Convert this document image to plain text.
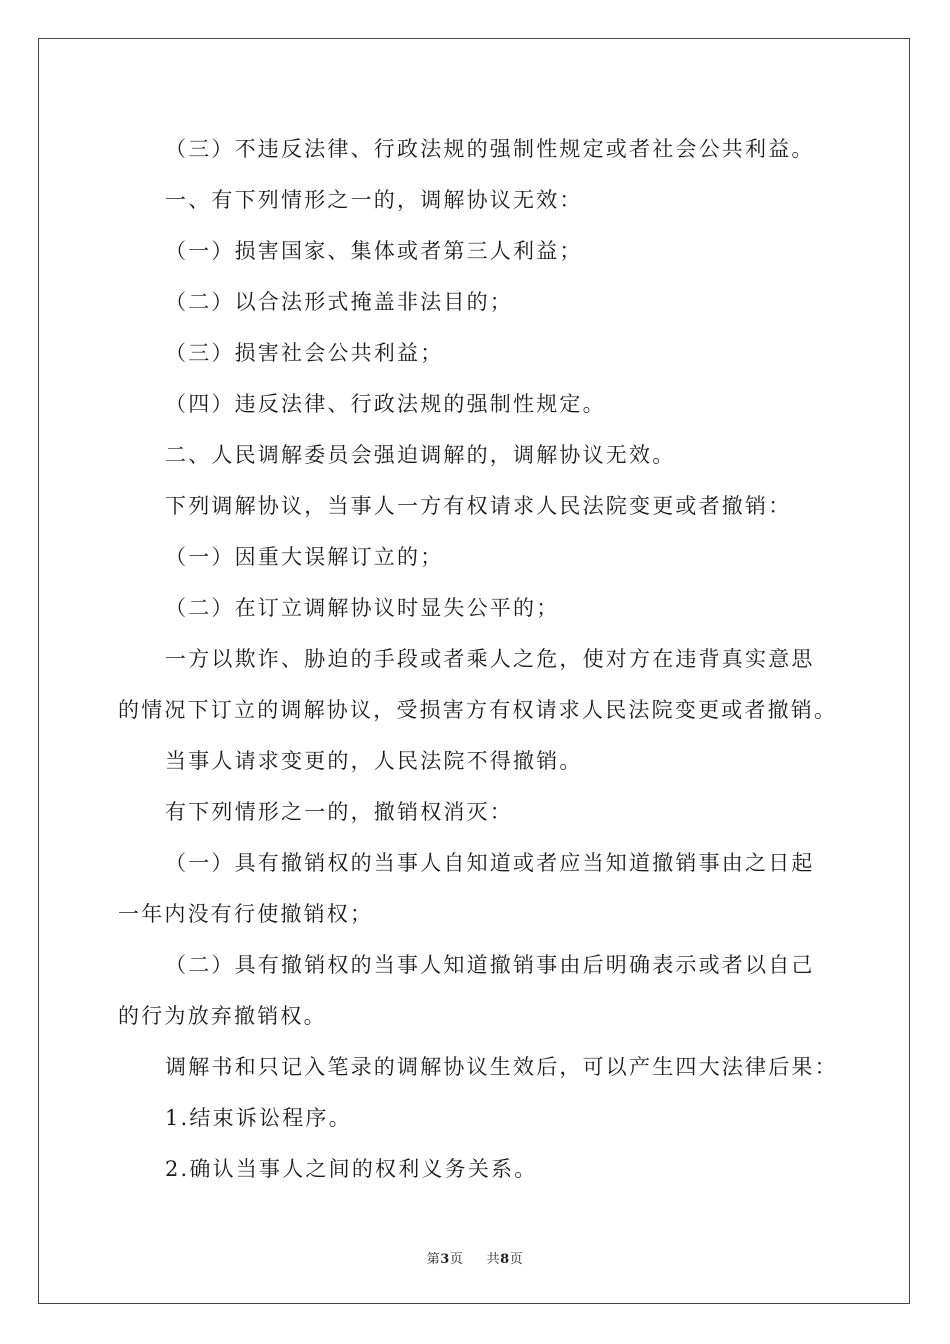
（三）不违反法律、行政法规的强制性规定或者社会公共利益。

一、有下列情形之一的，调解协议无效：

（一）损害国家、集体或者第三人利益；

（二）以合法形式掩盖非法目的；

（三）损害社会公共利益；

（四）违反法律、行政法规的强制性规定。

二、人民调解委员会强迫调解的，调解协议无效。

下列调解协议，当事人一方有权请求人民法院变更或者撤销：

（一）因重大误解订立的；

（二）在订立调解协议时显失公平的；

一方以欺诈、胁迫的手段或者乘人之危，使对方在违背真实意思

的情况下订立的调解协议，受损害方有权请求人民法院变更或者撤销。

当事人请求变更的，人民法院不得撤销。

有下列情形之一的，撤销权消灭：

（一）具有撤销权的当事人自知道或者应当知道撤销事由之日起

一年内没有行使撤销权；

（二）具有撤销权的当事人知道撤销事由后明确表示或者以自己

的行为放弃撤销权。

调解书和只记入笔录的调解协议生效后，可以产生四大法律后果：

1.结束诉讼程序。

2.确认当事人之间的权利义务关系。

第3页 共8页
